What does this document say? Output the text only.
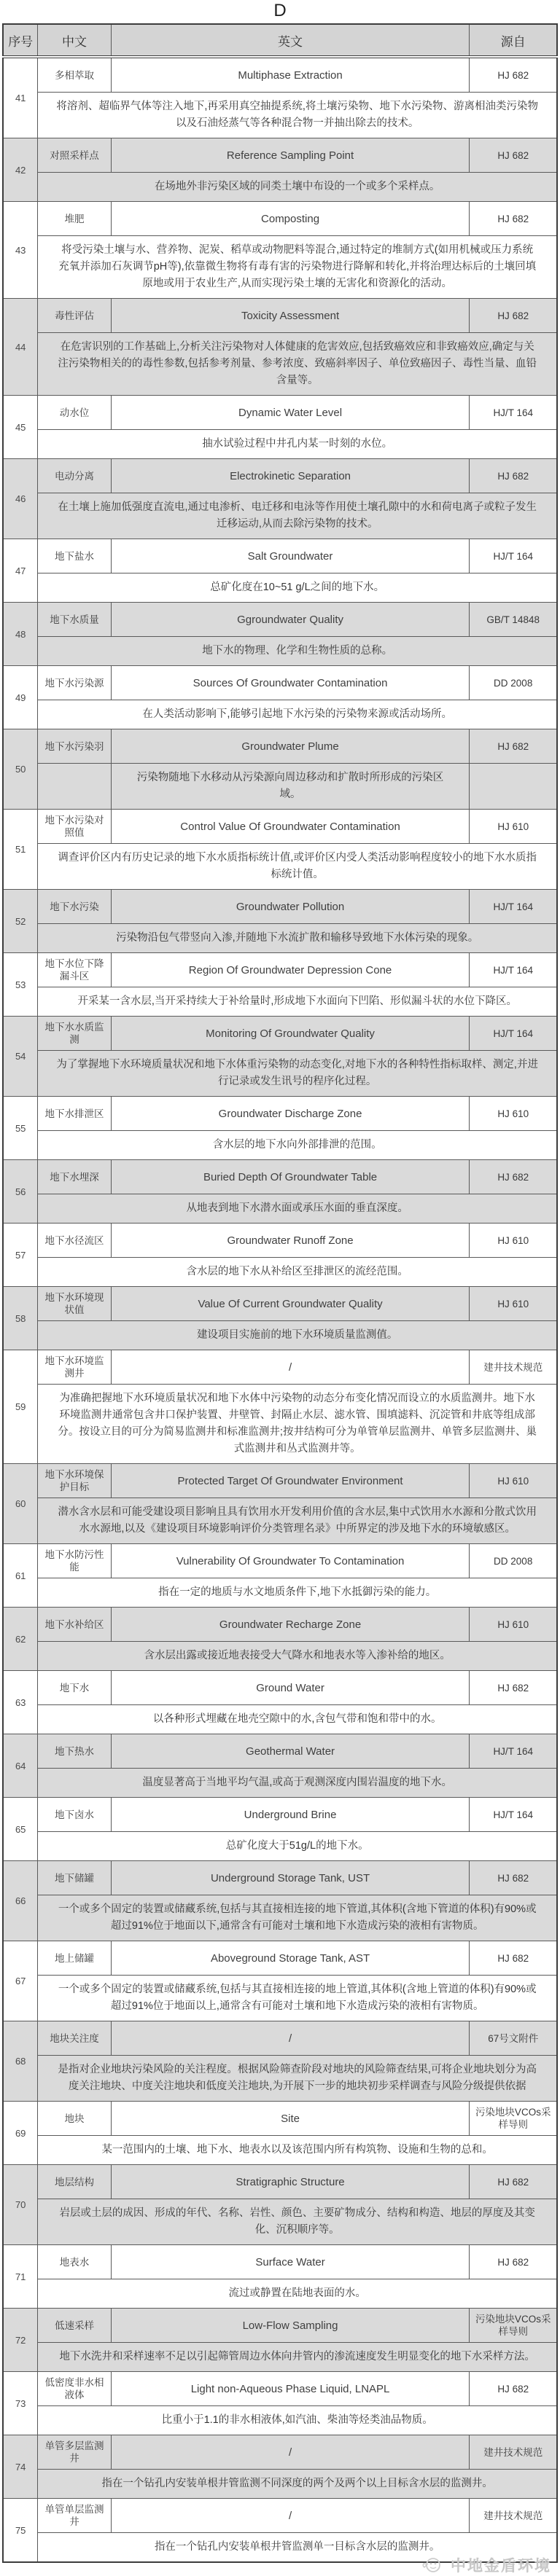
D
序号	中文	英文	源自
41	多相萃取	Multiphase Extraction	HJ 682
	将溶剂、超临界气体等注入地下,再采用真空抽提系统,将土壤污染物、地下水污染物、游离相油类污染物以及石油烃蒸气等各种混合物一并抽出除去的技术。		
42	对照采样点	Reference Sampling Point	HJ 682
	在场地外非污染区域的同类土壤中布设的一个或多个采样点。		
43	堆肥	Composting	HJ 682
	将受污染土壤与水、营养物、泥炭、稻草或动物肥料等混合,通过特定的堆制方式(如用机械或压力系统充氧并添加石灰调节pH等),依靠微生物将有毒有害的污染物进行降解和转化,并将治理达标后的土壤回填原地或用于农业生产,从而实现污染土壤的无害化和资源化的活动。		
44	毒性评估	Toxicity Assessment	HJ 682
	在危害识别的工作基础上,分析关注污染物对人体健康的危害效应,包括致癌效应和非致癌效应,确定与关注污染物相关的的毒性参数,包括参考剂量、参考浓度、致癌斜率因子、单位致癌因子、毒性当量、血铅含量等。		
45	动水位	Dynamic Water Level	HJ/T 164
	抽水试验过程中井孔内某一时刻的水位。		
46	电动分离	Electrokinetic Separation	HJ 682
	在土壤上施加低强度直流电,通过电渗析、电迁移和电泳等作用使土壤孔隙中的水和荷电离子或粒子发生迁移运动,从而去除污染物的技术。		
47	地下盐水	Salt Groundwater	HJ/T 164
	总矿化度在10~51 g/L之间的地下水。		
48	地下水质量	Ggroundwater Quality	GB/T 14848
	地下水的物理、化学和生物性质的总称。		
49	地下水污染源	Sources Of Groundwater Contamination	DD 2008
	在人类活动影响下,能够引起地下水污染的污染物来源或活动场所。		
50	地下水污染羽	Groundwater Plume	HJ 682
		污染物随地下水移动从污染源向周边移动和扩散时所形成的污染区域。	
51	地下水污染对照值	Control Value Of Groundwater Contamination	HJ 610
	调查评价区内有历史记录的地下水水质指标统计值,或评价区内受人类活动影响程度较小的地下水水质指标统计值。		
52	地下水污染	Groundwater Pollution	HJ/T 164
	污染物沿包气带竖向入渗,并随地下水流扩散和输移导致地下水体污染的现象。		
53	地下水位下降漏斗区	Region Of Groundwater Depression Cone	HJ/T 164
	开采某一含水层,当开采持续大于补给量时,形成地下水面向下凹陷、形似漏斗状的水位下降区。		
54	地下水水质监测	Monitoring Of Groundwater Quality	HJ/T 164
	为了掌握地下水环境质量状况和地下水体重污染物的动态变化,对地下水的各种特性指标取样、测定,并进行记录或发生讯号的程序化过程。		
55	地下水排泄区	Groundwater Discharge Zone	HJ 610
	含水层的地下水向外部排泄的范围。		
56	地下水埋深	Buried Depth Of Groundwater Table	HJ 682
	从地表到地下水潜水面或承压水面的垂直深度。		
57	地下水径流区	Groundwater Runoff Zone	HJ 610
	含水层的地下水从补给区至排泄区的流经范围。		
58	地下水环境现状值	Value Of Current Groundwater Quality	HJ 610
	建设项目实施前的地下水环境质量监测值。		
59	地下水环境监测井	/	建井技术规范
	为准确把握地下水环境质量状况和地下水体中污染物的动态分布变化情况而设立的水质监测井。地下水环境监测井通常包含井口保护装置、井壁管、封隔止水层、滤水管、围填滤料、沉淀管和井底等组成部分。按设立目的可分为简易监测井和标准监测井;按井结构可分为单管单层监测井、单管多层监测井、巢式监测井和丛式监测井等。		
60	地下水环境保护目标	Protected Target Of Groundwater Environment	HJ 610
	潜水含水层和可能受建设项目影响且具有饮用水开发利用价值的含水层,集中式饮用水水源和分散式饮用水水源地,以及《建设项目环境影响评价分类管理名录》中所界定的涉及地下水的环境敏感区。		
61	地下水防污性能	Vulnerability Of Groundwater To Contamination	DD 2008
	指在一定的地质与水文地质条件下,地下水抵御污染的能力。		
62	地下水补给区	Groundwater Recharge Zone	HJ 610
	含水层出露或接近地表接受大气降水和地表水等入渗补给的地区。		
63	地下水	Ground Water	HJ 682
	以各种形式埋藏在地壳空隙中的水,含包气带和饱和带中的水。		
64	地下热水	Geothermal Water	HJ/T 164
	温度显著高于当地平均气温,或高于观测深度内围岩温度的地下水。		
65	地下卤水	Underground Brine	HJ/T 164
	总矿化度大于51g/L的地下水。		
66	地下储罐	Underground Storage Tank, UST	HJ 682
	一个或多个固定的装置或储藏系统,包括与其直接相连接的地下管道,其体积(含地下管道的体积)有90%或超过91%位于地面以下,通常含有可能对土壤和地下水造成污染的液相有害物质。		
67	地上储罐	Aboveground Storage Tank, AST	HJ 682
	一个或多个固定的装置或储藏系统,包括与其直接相连接的地上管道,其体积(含地上管道的体积)有90%或超过91%位于地面以上,通常含有可能对土壤和地下水造成污染的液相有害物质。		
68	地块关注度	/	67号文附件
	是指对企业地块污染风险的关注程度。根据风险筛查阶段对地块的风险筛查结果,可将企业地块划分为高度关注地块、中度关注地块和低度关注地块,为开展下一步的地块初步采样调查与风险分级提供依据		
69	地块	Site	污染地块VCOs采样导则
	某一范围内的土壤、地下水、地表水以及该范围内所有构筑物、设施和生物的总和。		
70	地层结构	Stratigraphic Structure	HJ 682
	岩层或土层的成因、形成的年代、名称、岩性、颜色、主要矿物成分、结构和构造、地层的厚度及其变化、沉积顺序等。		
71	地表水	Surface Water	HJ 682
	流过或静置在陆地表面的水。		
72	低速采样	Low-Flow Sampling	污染地块VCOs采样导则
	地下水洗井和采样速率不足以引起筛管周边水体向井管内的渗流速度发生明显变化的地下水采样方法。		
73	低密度非水相液体	Light non-Aqueous Phase Liquid, LNAPL	HJ 682
	比重小于1.1的非水相液体,如汽油、柴油等烃类油品物质。		
74	单管多层监测井	/	建井技术规范
	指在一个钻孔内安装单根井管监测不同深度的两个及两个以上目标含水层的监测井。		
75	单管单层监测井	/	建井技术规范
	指在一个钻孔内安装单根井管监测单一目标含水层的监测井。		
中地金盾环境
